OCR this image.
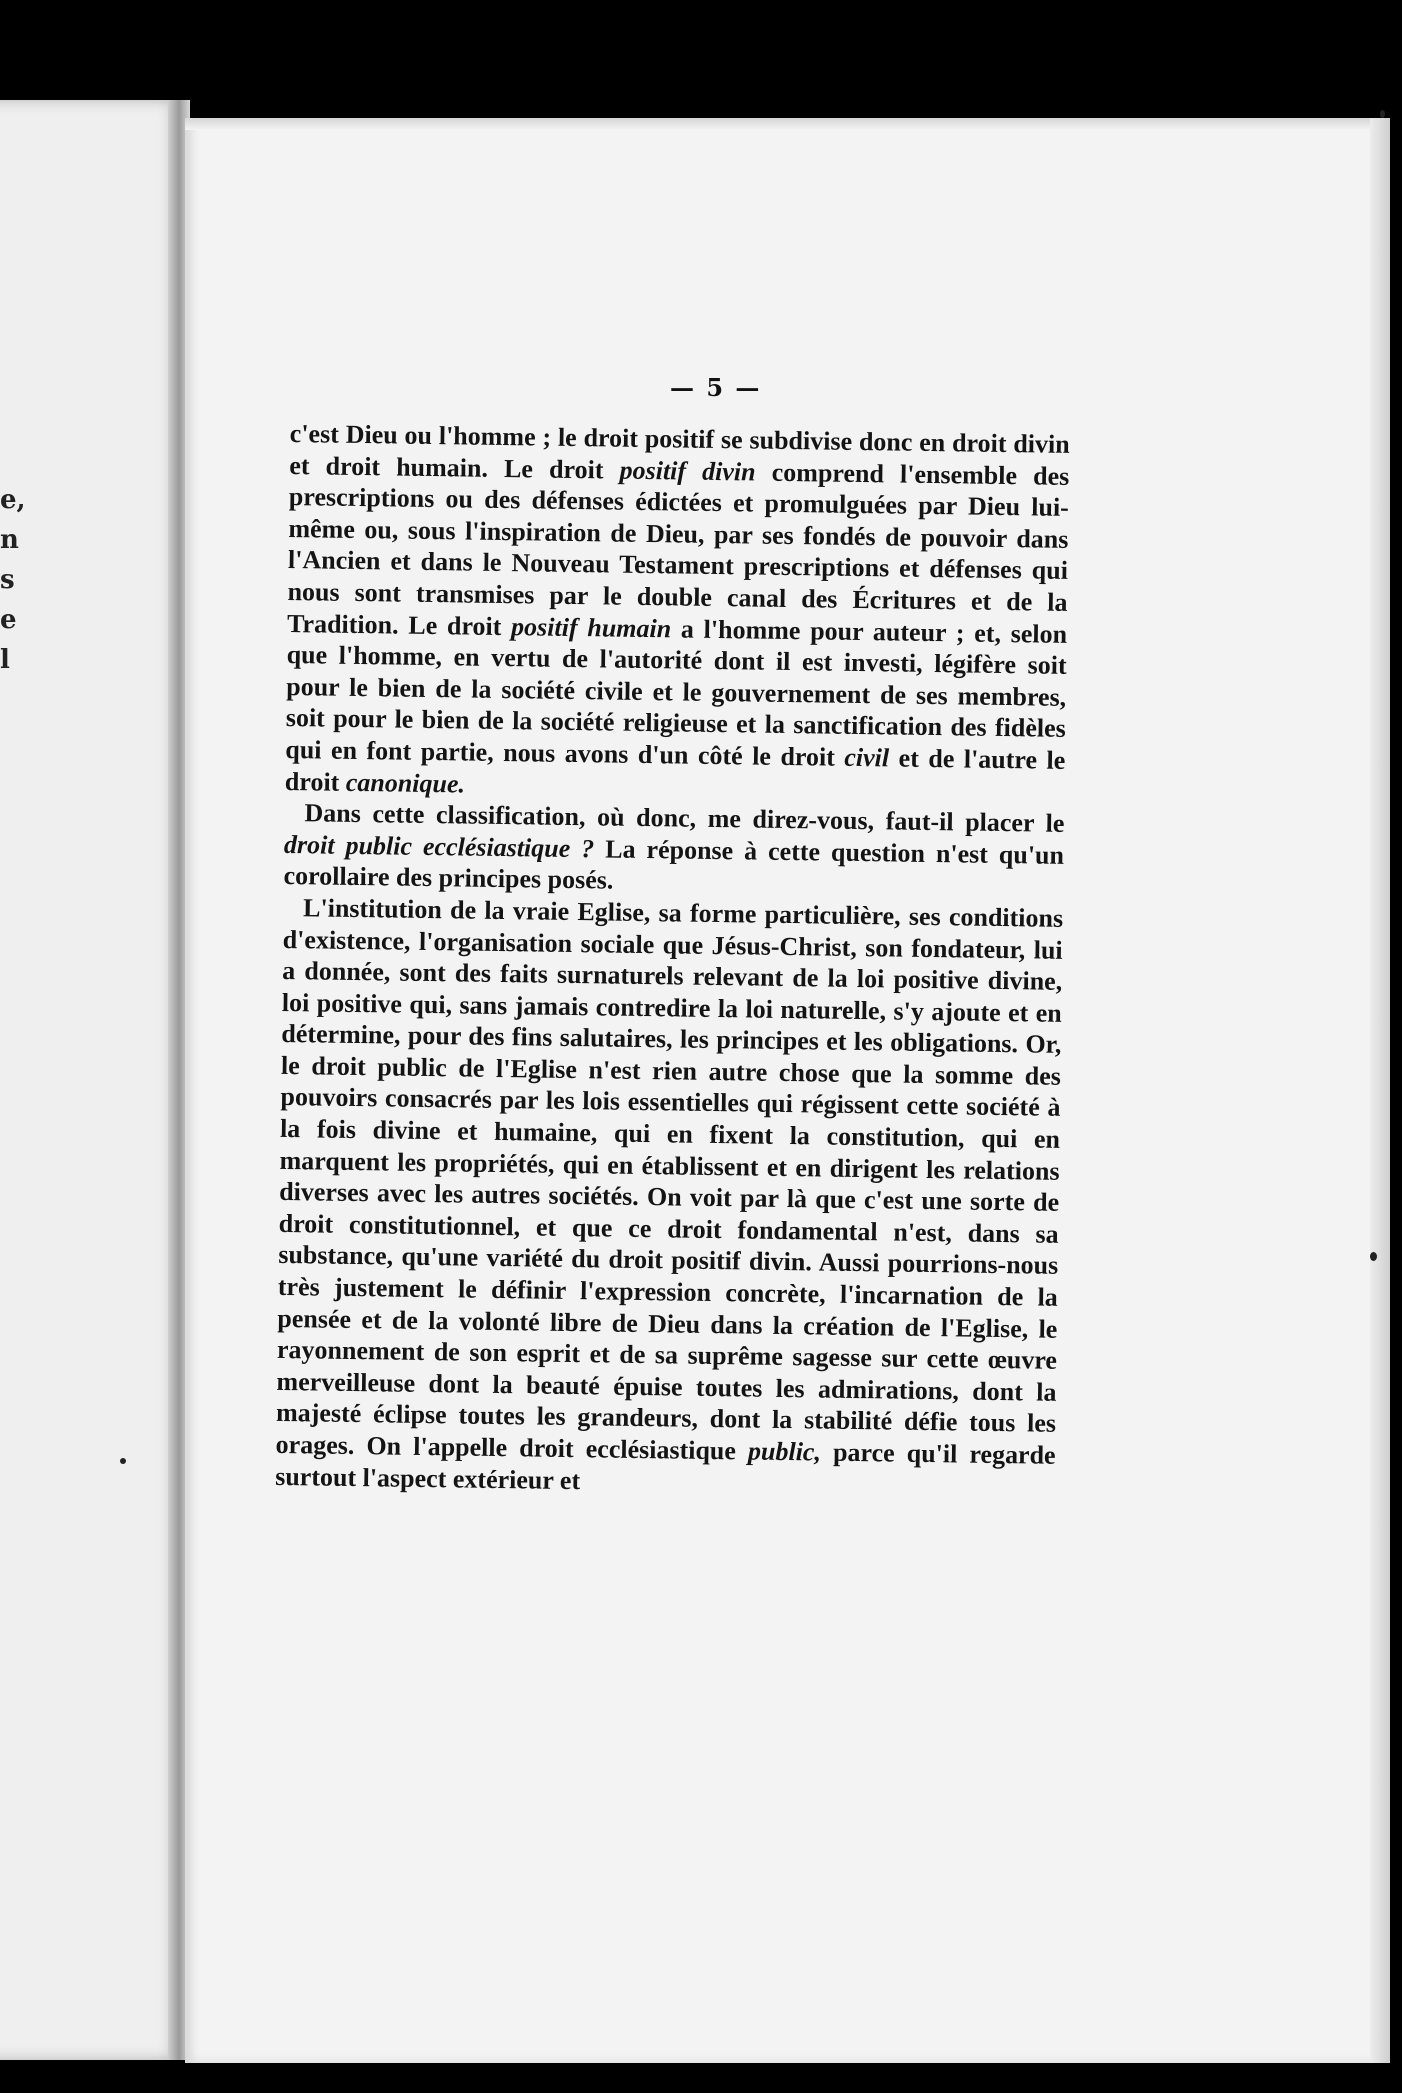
e,
n
s
e
l
— 5 —

c'est Dieu ou l'homme ; le droit positif se subdivise donc en droit divin et droit humain. Le droit positif divin comprend l'ensemble des prescriptions ou des défenses édictées et promulguées par Dieu lui-même ou, sous l'inspiration de Dieu, par ses fondés de pouvoir dans l'Ancien et dans le Nouveau Testament prescriptions et défenses qui nous sont transmises par le double canal des Écritures et de la Tradition. Le droit positif humain a l'homme pour auteur ; et, selon que l'homme, en vertu de l'autorité dont il est investi, légifère soit pour le bien de la société civile et le gouvernement de ses membres, soit pour le bien de la société religieuse et la sanctification des fidèles qui en font partie, nous avons d'un côté le droit civil et de l'autre le droit canonique.

Dans cette classification, où donc, me direz-vous, faut-il placer le droit public ecclésiastique ? La réponse à cette question n'est qu'un corollaire des principes posés.

L'institution de la vraie Eglise, sa forme particulière, ses conditions d'existence, l'organisation sociale que Jésus-Christ, son fondateur, lui a donnée, sont des faits surnaturels relevant de la loi positive divine, loi positive qui, sans jamais contredire la loi naturelle, s'y ajoute et en détermine, pour des fins salutaires, les principes et les obligations. Or, le droit public de l'Eglise n'est rien autre chose que la somme des pouvoirs consacrés par les lois essentielles qui régissent cette société à la fois divine et humaine, qui en fixent la constitution, qui en marquent les propriétés, qui en établissent et en dirigent les relations diverses avec les autres sociétés. On voit par là que c'est une sorte de droit constitutionnel, et que ce droit fondamental n'est, dans sa substance, qu'une variété du droit positif divin. Aussi pourrions-nous très justement le définir l'expression concrète, l'incarnation de la pensée et de la volonté libre de Dieu dans la création de l'Eglise, le rayonnement de son esprit et de sa suprême sagesse sur cette œuvre merveilleuse dont la beauté épuise toutes les admirations, dont la majesté éclipse toutes les grandeurs, dont la stabilité défie tous les orages. On l'appelle droit ecclésiastique public, parce qu'il regarde surtout l'aspect extérieur et
